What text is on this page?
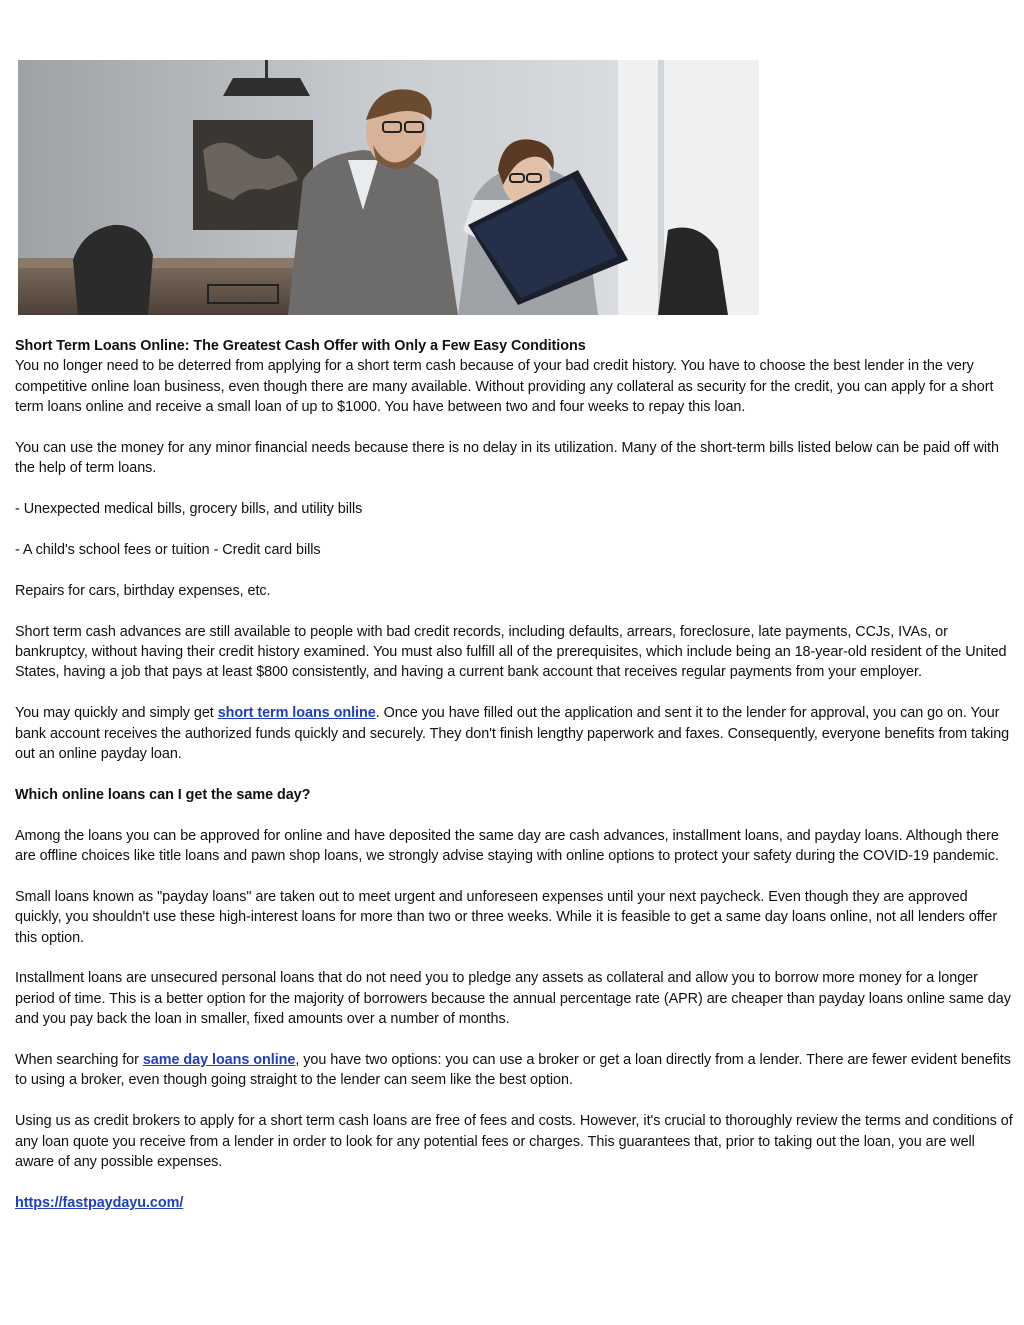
Short Term Loans Online: The Greatest Cash Offer with Only a Few Easy Conditions
You no longer need to be deterred from applying for a short term cash because of your bad credit history. You have to choose the best lender in the very competitive online loan business, even though there are many available. Without providing any collateral as security for the credit, you can apply for a short term loans online and receive a small loan of up to $1000. You have between two and four weeks to repay this loan.

You can use the money for any minor financial needs because there is no delay in its utilization. Many of the short-term bills listed below can be paid off with the help of term loans.

- Unexpected medical bills, grocery bills, and utility bills

- A child's school fees or tuition - Credit card bills

Repairs for cars, birthday expenses, etc.

Short term cash advances are still available to people with bad credit records, including defaults, arrears, foreclosure, late payments, CCJs, IVAs, or bankruptcy, without having their credit history examined. You must also fulfill all of the prerequisites, which include being an 18-year-old resident of the United States, having a job that pays at least $800 consistently, and having a current bank account that receives regular payments from your employer.

You may quickly and simply get short term loans online. Once you have filled out the application and sent it to the lender for approval, you can go on. Your bank account receives the authorized funds quickly and securely. They don't finish lengthy paperwork and faxes. Consequently, everyone benefits from taking out an online payday loan.

Which online loans can I get the same day?

Among the loans you can be approved for online and have deposited the same day are cash advances, installment loans, and payday loans. Although there are offline choices like title loans and pawn shop loans, we strongly advise staying with online options to protect your safety during the COVID-19 pandemic.

Small loans known as "payday loans" are taken out to meet urgent and unforeseen expenses until your next paycheck. Even though they are approved quickly, you shouldn't use these high-interest loans for more than two or three weeks. While it is feasible to get a same day loans online, not all lenders offer this option.

Installment loans are unsecured personal loans that do not need you to pledge any assets as collateral and allow you to borrow more money for a longer period of time. This is a better option for the majority of borrowers because the annual percentage rate (APR) are cheaper than payday loans online same day and you pay back the loan in smaller, fixed amounts over a number of months.

When searching for same day loans online, you have two options: you can use a broker or get a loan directly from a lender. There are fewer evident benefits to using a broker, even though going straight to the lender can seem like the best option.

Using us as credit brokers to apply for a short term cash loans are free of fees and costs. However, it's crucial to thoroughly review the terms and conditions of any loan quote you receive from a lender in order to look for any potential fees or charges. This guarantees that, prior to taking out the loan, you are well aware of any possible expenses.

https://fastpaydayu.com/
